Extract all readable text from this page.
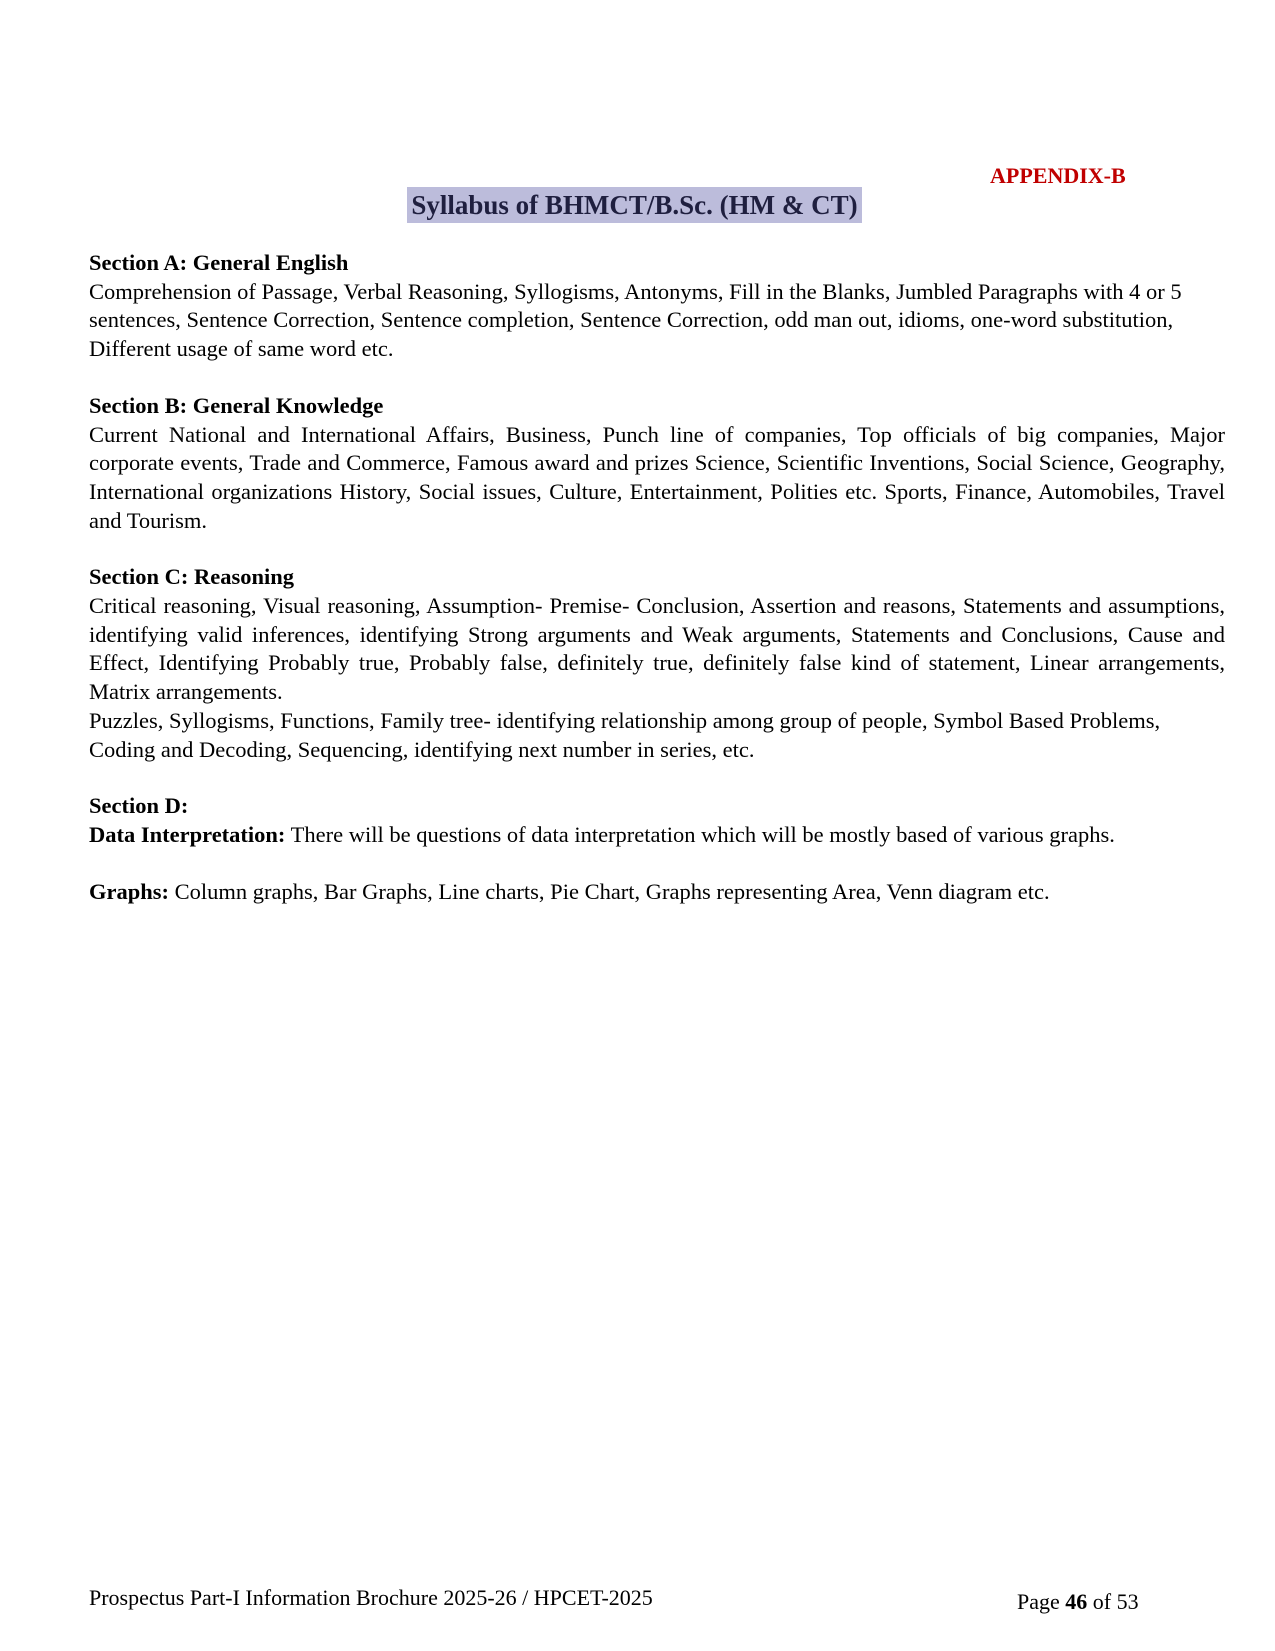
APPENDIX-B
Syllabus of BHMCT/B.Sc. (HM & CT)
Section A: General English

Comprehension of Passage, Verbal Reasoning, Syllogisms, Antonyms, Fill in the Blanks, Jumbled Paragraphs with 4 or 5 sentences, Sentence Correction, Sentence completion, Sentence Correction, odd man out, idioms, one-word substitution, Different usage of same word etc.

Section B: General Knowledge

Current National and International Affairs, Business, Punch line of companies, Top officials of big companies, Major corporate events, Trade and Commerce, Famous award and prizes Science, Scientific Inventions, Social Science, Geography, International organizations History, Social issues, Culture, Entertainment, Polities etc. Sports, Finance, Automobiles, Travel and Tourism.

Section C: Reasoning

Critical reasoning, Visual reasoning, Assumption- Premise- Conclusion, Assertion and reasons, Statements and assumptions, identifying valid inferences, identifying Strong arguments and Weak arguments, Statements and Conclusions, Cause and Effect, Identifying Probably true, Probably false, definitely true, definitely false kind of statement, Linear arrangements, Matrix arrangements.

Puzzles, Syllogisms, Functions, Family tree- identifying relationship among group of people, Symbol Based Problems, Coding and Decoding, Sequencing, identifying next number in series, etc.

Section D:

Data Interpretation: There will be questions of data interpretation which will be mostly based of various graphs.

Graphs: Column graphs, Bar Graphs, Line charts, Pie Chart, Graphs representing Area, Venn diagram etc.

Prospectus Part-I Information Brochure 2025-26 / HPCET-2025	Page 46 of 53
